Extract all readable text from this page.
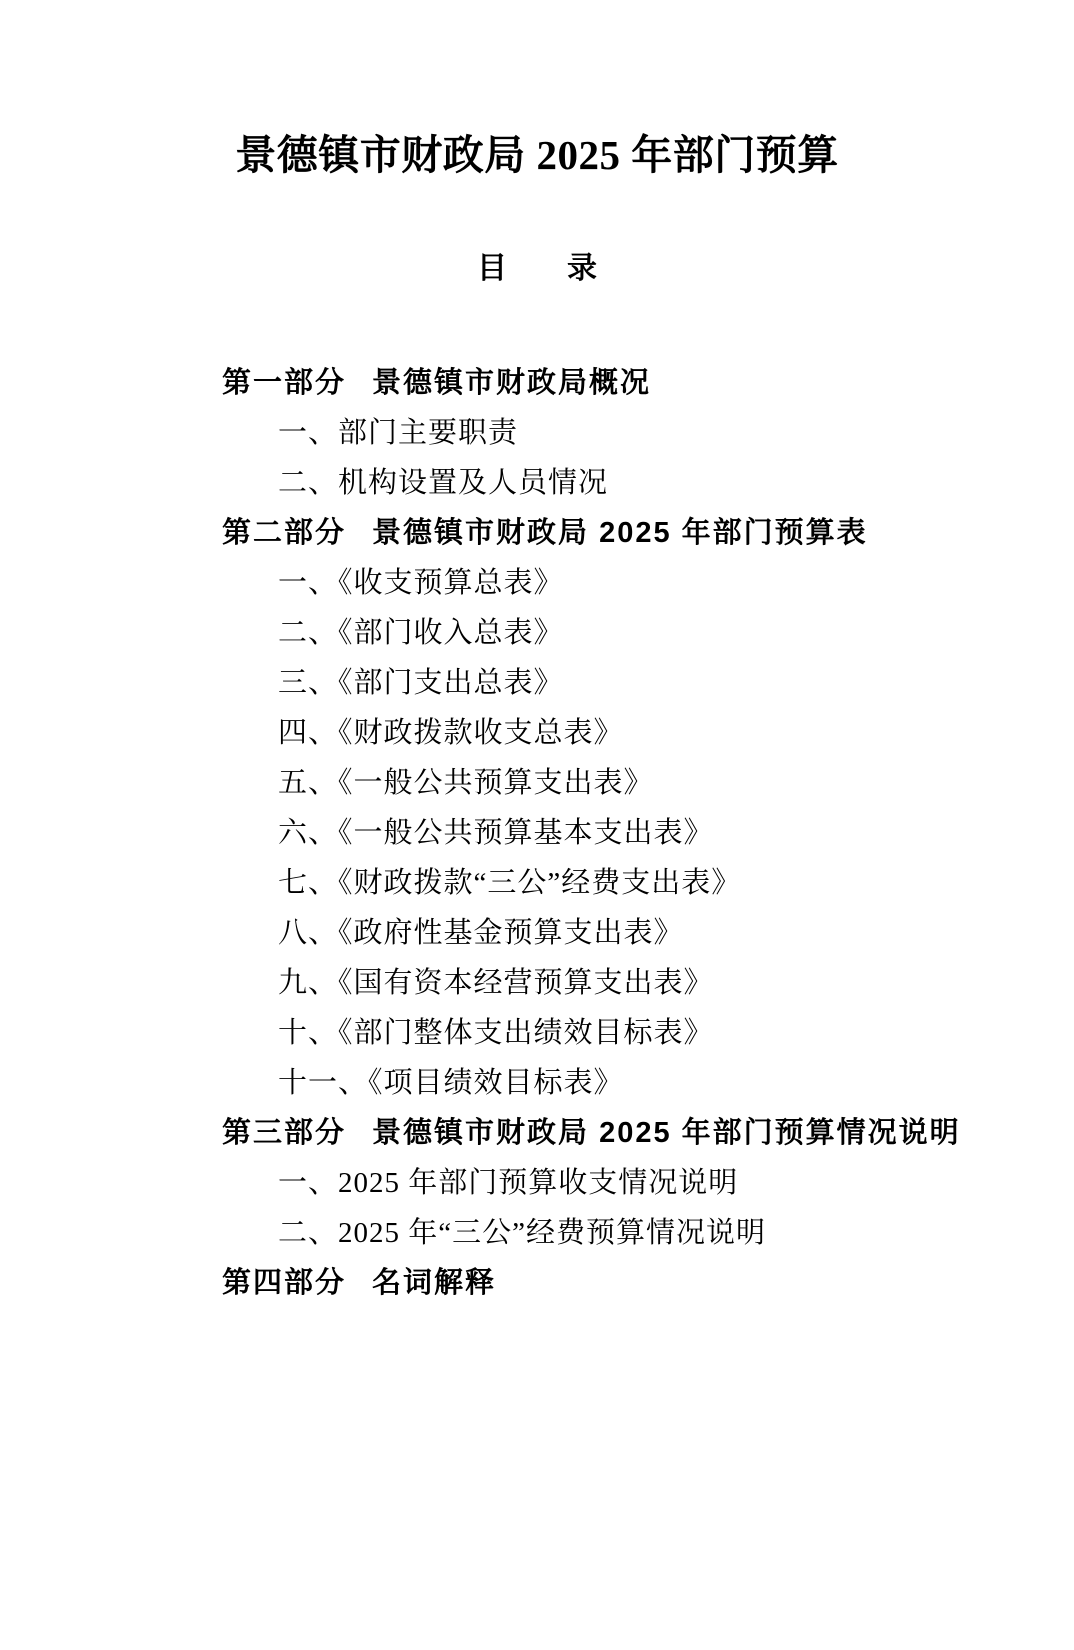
景德镇市财政局 2025 年部门预算
目　　录
第一部分 景德镇市财政局概况
一、部门主要职责
二、机构设置及人员情况
第二部分 景德镇市财政局 2025 年部门预算表
一、《收支预算总表》
二、《部门收入总表》
三、《部门支出总表》
四、《财政拨款收支总表》
五、《一般公共预算支出表》
六、《一般公共预算基本支出表》
七、《财政拨款“三公”经费支出表》
八、《政府性基金预算支出表》
九、《国有资本经营预算支出表》
十、《部门整体支出绩效目标表》
十一、《项目绩效目标表》
第三部分 景德镇市财政局 2025 年部门预算情况说明
一、2025 年部门预算收支情况说明
二、2025 年“三公”经费预算情况说明
第四部分 名词解释
